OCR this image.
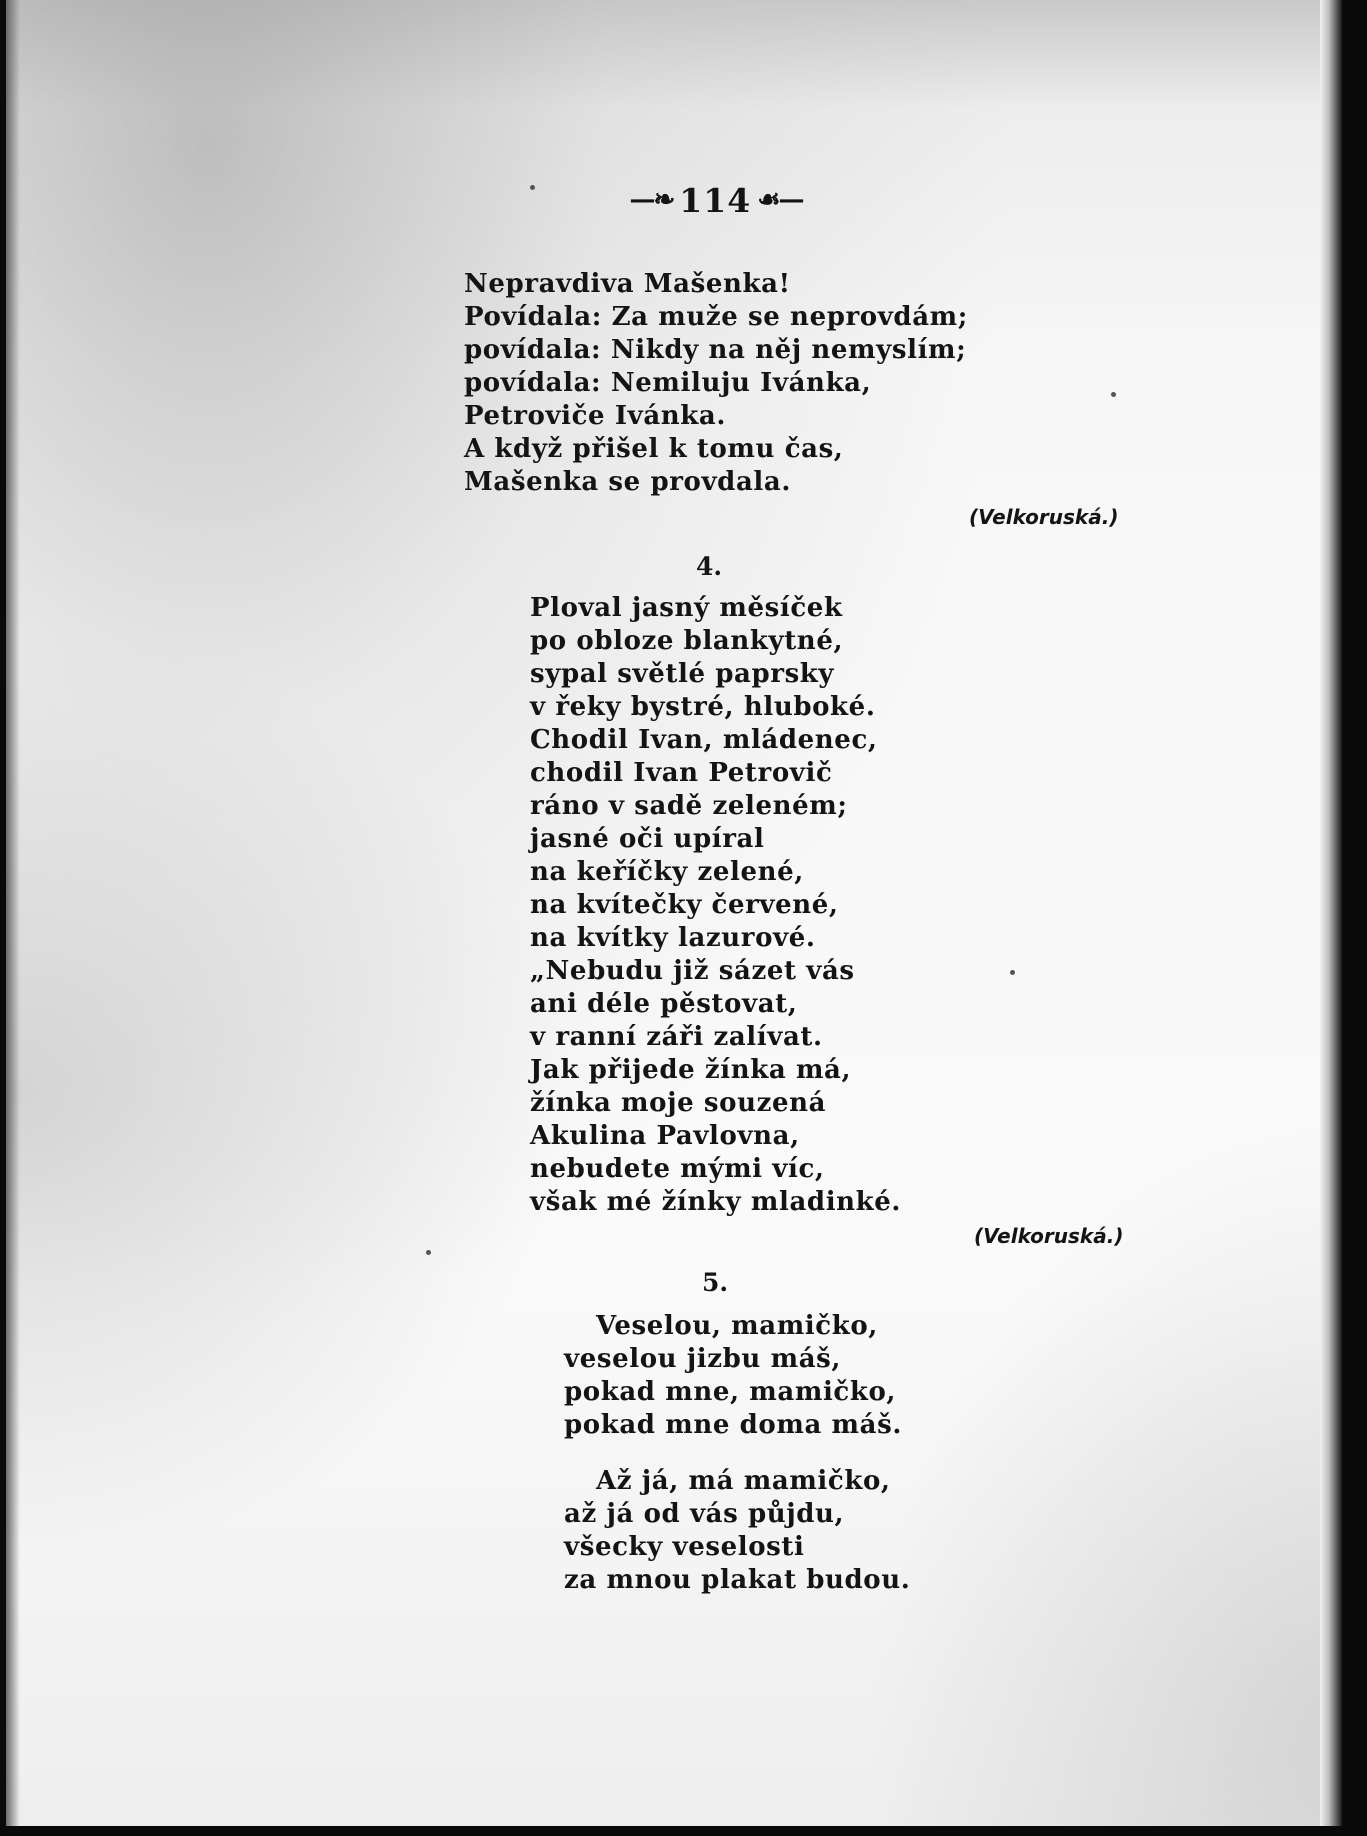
—❧ 114 ☙—
Nepravdiva Mašenka!
Povídala: Za muže se neprovdám;
povídala: Nikdy na něj nemyslím;
povídala: Nemiluju Ivánka,
Petroviče Ivánka.
A když přišel k tomu čas,
Mašenka se provdala.
(Velkoruská.)
4.
Ploval jasný měsíček
po obloze blankytné,
sypal světlé paprsky
v řeky bystré, hluboké.
Chodil Ivan, mládenec,
chodil Ivan Petrovič
ráno v sadě zeleném;
jasné oči upíral
na keříčky zelené,
na kvítečky červené,
na kvítky lazurové.
„Nebudu již sázet vás
ani déle pěstovat,
v ranní záři zalívat.
Jak přijede žínka má,
žínka moje souzená
Akulina Pavlovna,
nebudete mými víc,
však mé žínky mladinké.
(Velkoruská.)
5.
Veselou, mamičko,
veselou jizbu máš,
pokad mne, mamičko,
pokad mne doma máš.
Až já, má mamičko,
až já od vás půjdu,
všecky veselosti
za mnou plakat budou.
